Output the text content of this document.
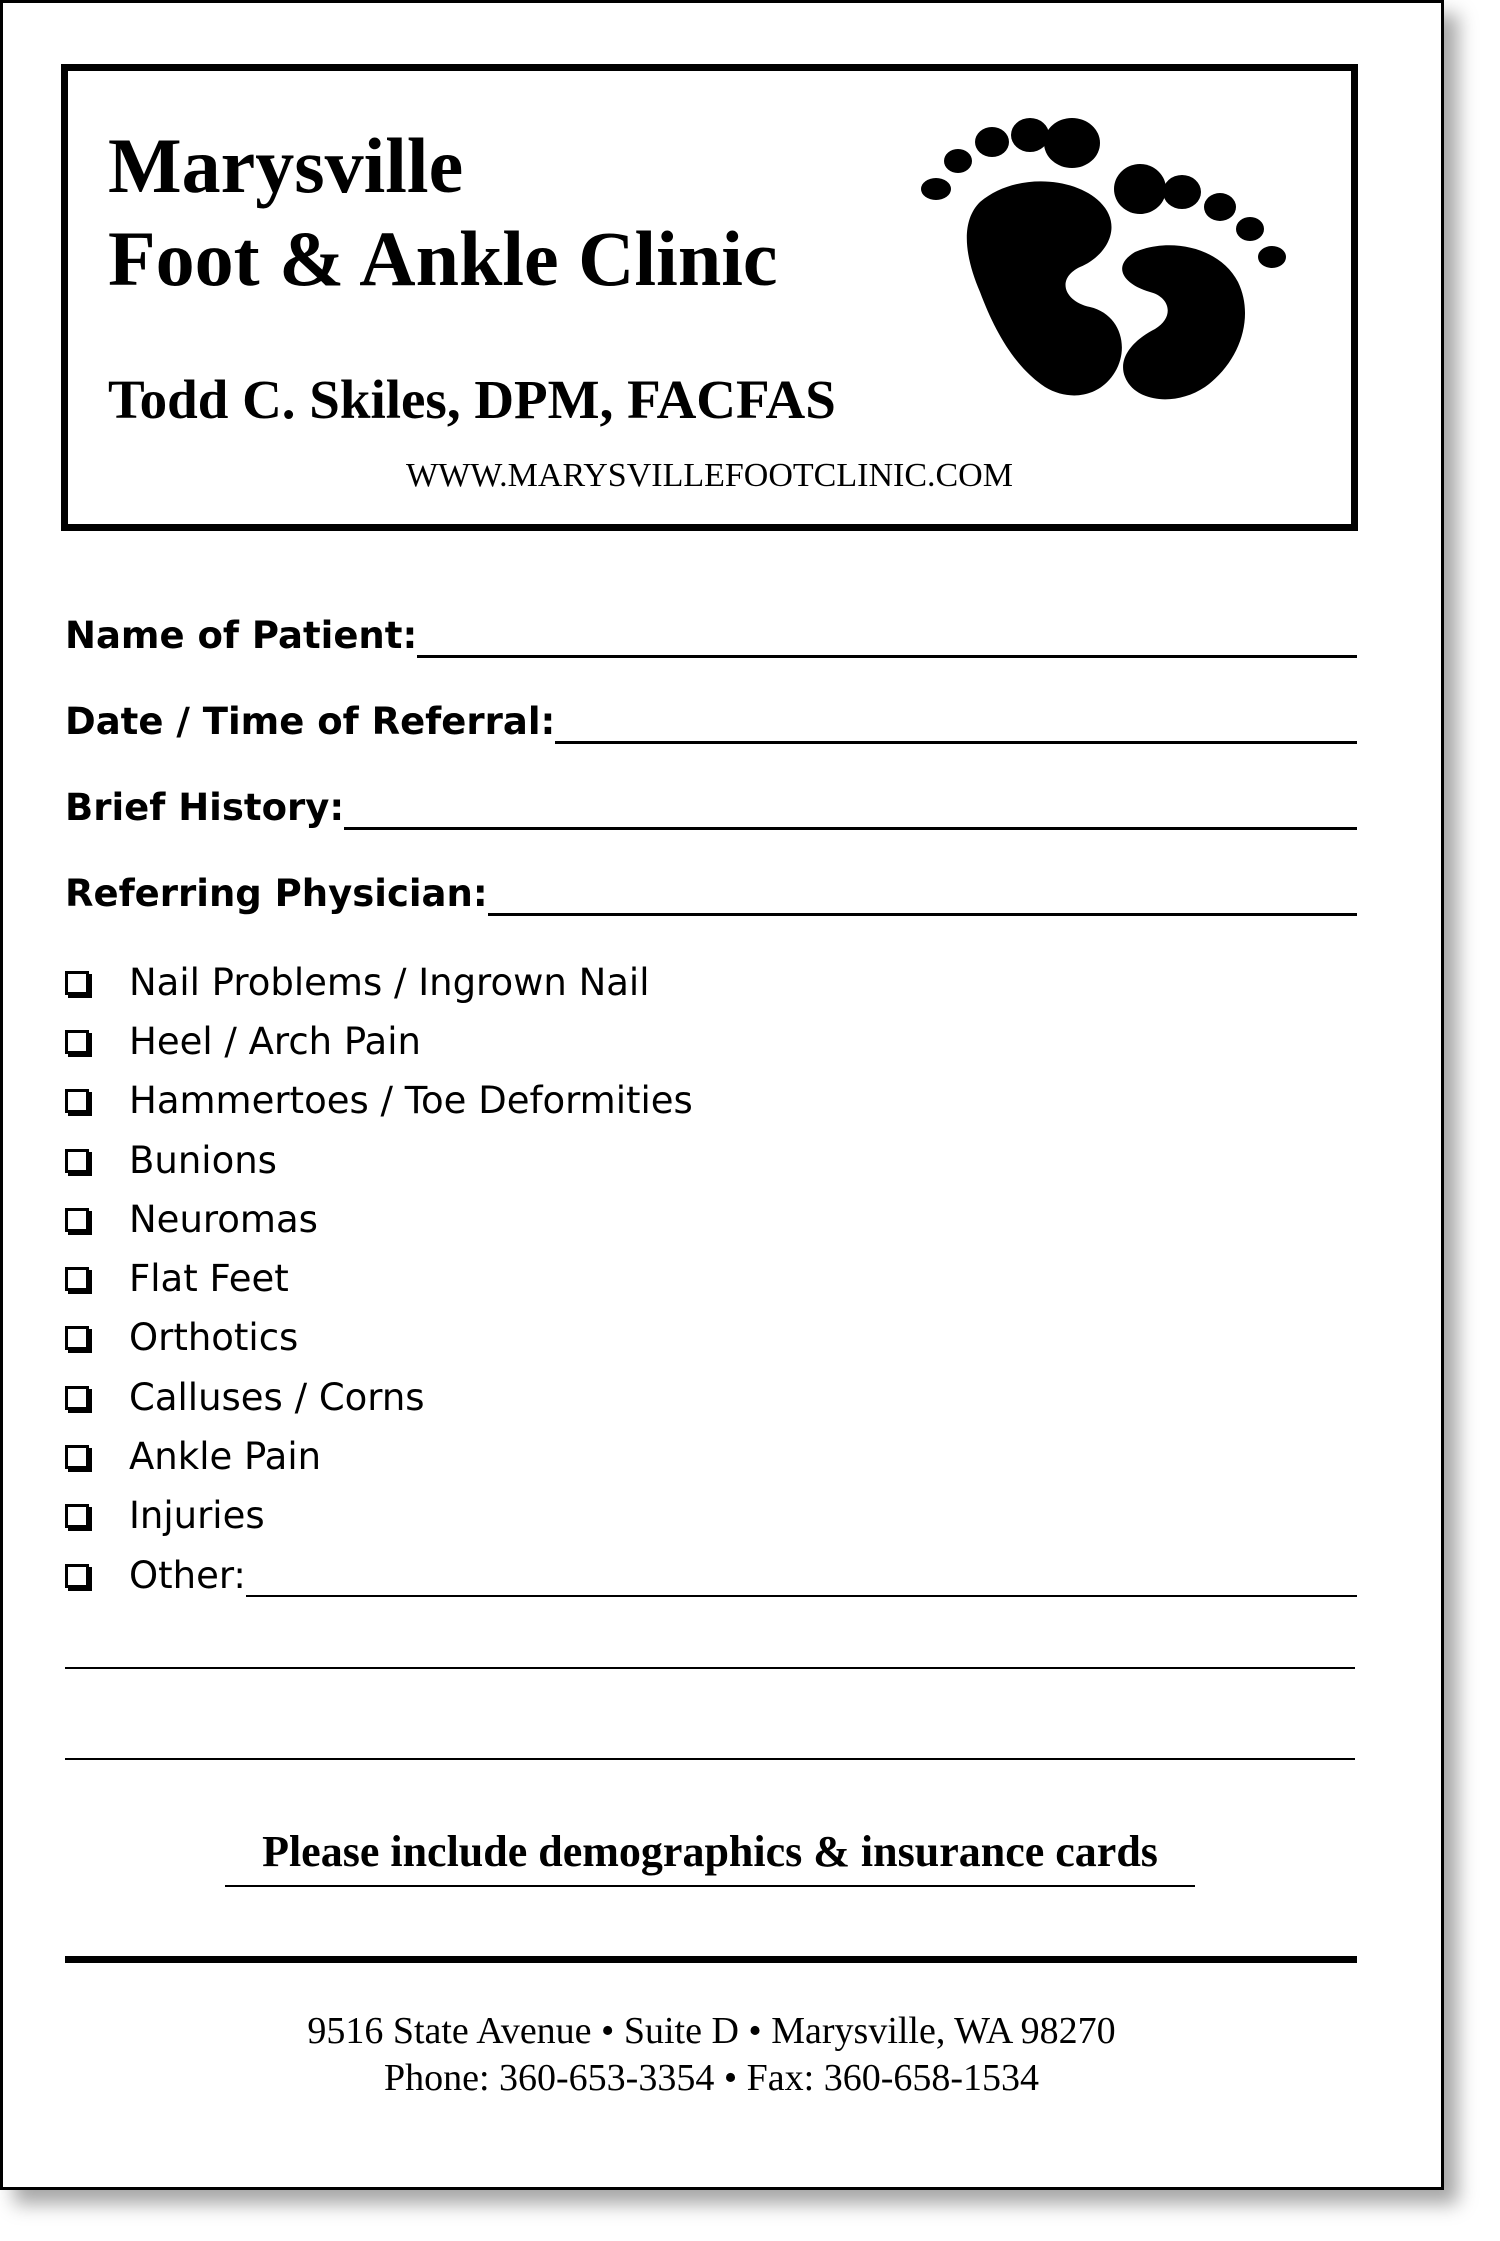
Marysville
Foot & Ankle Clinic
Todd C. Skiles, DPM, FACFAS
WWW.MARYSVILLEFOOTCLINIC.COM
Name of Patient:
Date / Time of Referral:
Brief History:
Referring Physician:
Nail Problems / Ingrown Nail
Heel / Arch Pain
Hammertoes / Toe Deformities
Bunions
Neuromas
Flat Feet
Orthotics
Calluses / Corns
Ankle Pain
Injuries
Other:
Please include demographics & insurance cards
9516 State Avenue • Suite D • Marysville, WA 98270
Phone: 360-653-3354 • Fax: 360-658-1534
